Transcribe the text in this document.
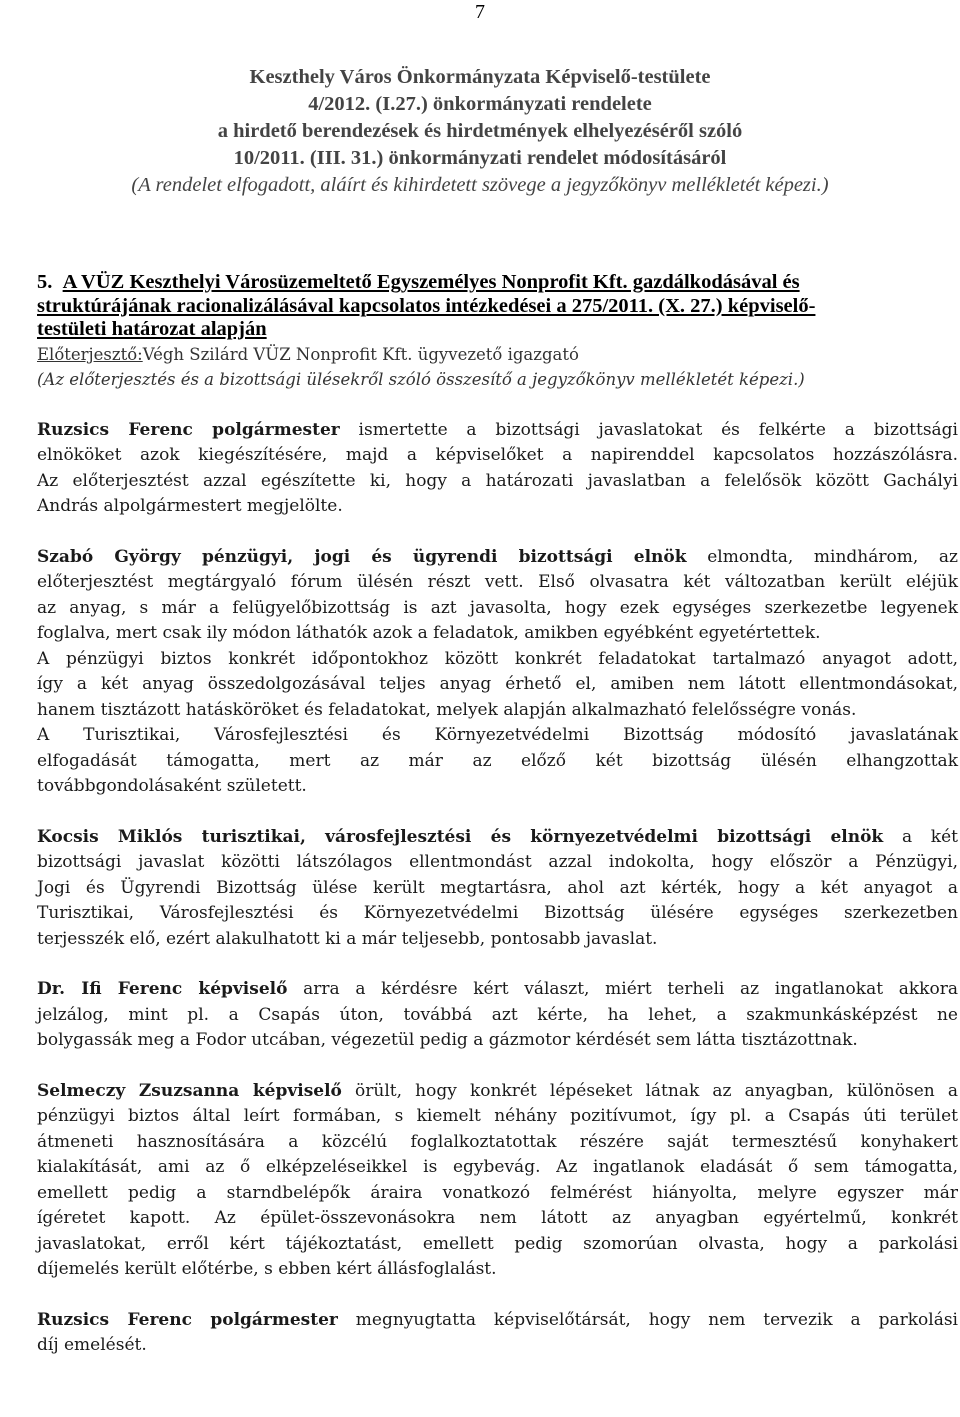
7
Keszthely Város Önkormányzata Képviselő-testülete
4/2012. (I.27.) önkormányzati rendelete
a hirdető berendezések és hirdetmények elhelyezéséről szóló
10/2011. (III. 31.) önkormányzati rendelet módosításáról
(A rendelet elfogadott, aláírt és kihirdetett szövege a jegyzőkönyv mellékletét képezi.)
5. A VÜZ Keszthelyi Városüzemeltető Egyszemélyes Nonprofit Kft. gazdálkodásával és
struktúrájának racionalizálásával kapcsolatos intézkedései a 275/2011. (X. 27.) képviselő-
testületi határozat alapján
Előterjesztő:Végh Szilárd VÜZ Nonprofit Kft. ügyvezető igazgató
(Az előterjesztés és a bizottsági ülésekről szóló összesítő a jegyzőkönyv mellékletét képezi.)

Ruzsics Ferenc polgármester ismertette a bizottsági javaslatokat és felkérte a bizottsági
elnököket azok kiegészítésére, majd a képviselőket a napirenddel kapcsolatos hozzászólásra.
Az előterjesztést azzal egészítette ki, hogy a határozati javaslatban a felelősök között Gachályi
András alpolgármestert megjelölte.

Szabó György pénzügyi, jogi és ügyrendi bizottsági elnök elmondta, mindhárom, az
előterjesztést megtárgyaló fórum ülésén részt vett. Első olvasatra két változatban került eléjük
az anyag, s már a felügyelőbizottság is azt javasolta, hogy ezek egységes szerkezetbe legyenek
foglalva, mert csak ily módon láthatók azok a feladatok, amikben egyébként egyetértettek.
A pénzügyi biztos konkrét időpontokhoz között konkrét feladatokat tartalmazó anyagot adott,
így a két anyag összedolgozásával teljes anyag érhető el, amiben nem látott ellentmondásokat,
hanem tisztázott hatásköröket és feladatokat, melyek alapján alkalmazható felelősségre vonás.
A Turisztikai, Városfejlesztési és Környezetvédelmi Bizottság módosító javaslatának
elfogadását támogatta, mert az már az előző két bizottság ülésén elhangzottak
továbbgondolásaként született.

Kocsis Miklós turisztikai, városfejlesztési és környezetvédelmi bizottsági elnök a két
bizottsági javaslat közötti látszólagos ellentmondást azzal indokolta, hogy először a Pénzügyi,
Jogi és Ügyrendi Bizottság ülése került megtartásra, ahol azt kérték, hogy a két anyagot a
Turisztikai, Városfejlesztési és Környezetvédelmi Bizottság ülésére egységes szerkezetben
terjesszék elő, ezért alakulhatott ki a már teljesebb, pontosabb javaslat.

Dr. Ifi Ferenc képviselő arra a kérdésre kért választ, miért terheli az ingatlanokat akkora
jelzálog, mint pl. a Csapás úton, továbbá azt kérte, ha lehet, a szakmunkásképzést ne
bolygassák meg a Fodor utcában, végezetül pedig a gázmotor kérdését sem látta tisztázottnak.

Selmeczy Zsuzsanna képviselő örült, hogy konkrét lépéseket látnak az anyagban, különösen a
pénzügyi biztos által leírt formában, s kiemelt néhány pozitívumot, így pl. a Csapás úti terület
átmeneti hasznosítására a közcélú foglalkoztatottak részére saját termesztésű konyhakert
kialakítását, ami az ő elképzeléseikkel is egybevág. Az ingatlanok eladását ő sem támogatta,
emellett pedig a starndbelépők áraira vonatkozó felmérést hiányolta, melyre egyszer már
ígéretet kapott. Az épület-összevonásokra nem látott az anyagban egyértelmű, konkrét
javaslatokat, erről kért tájékoztatást, emellett pedig szomorúan olvasta, hogy a parkolási
díjemelés került előtérbe, s ebben kért állásfoglalást.

Ruzsics Ferenc polgármester megnyugtatta képviselőtársát, hogy nem tervezik a parkolási
díj emelését.
